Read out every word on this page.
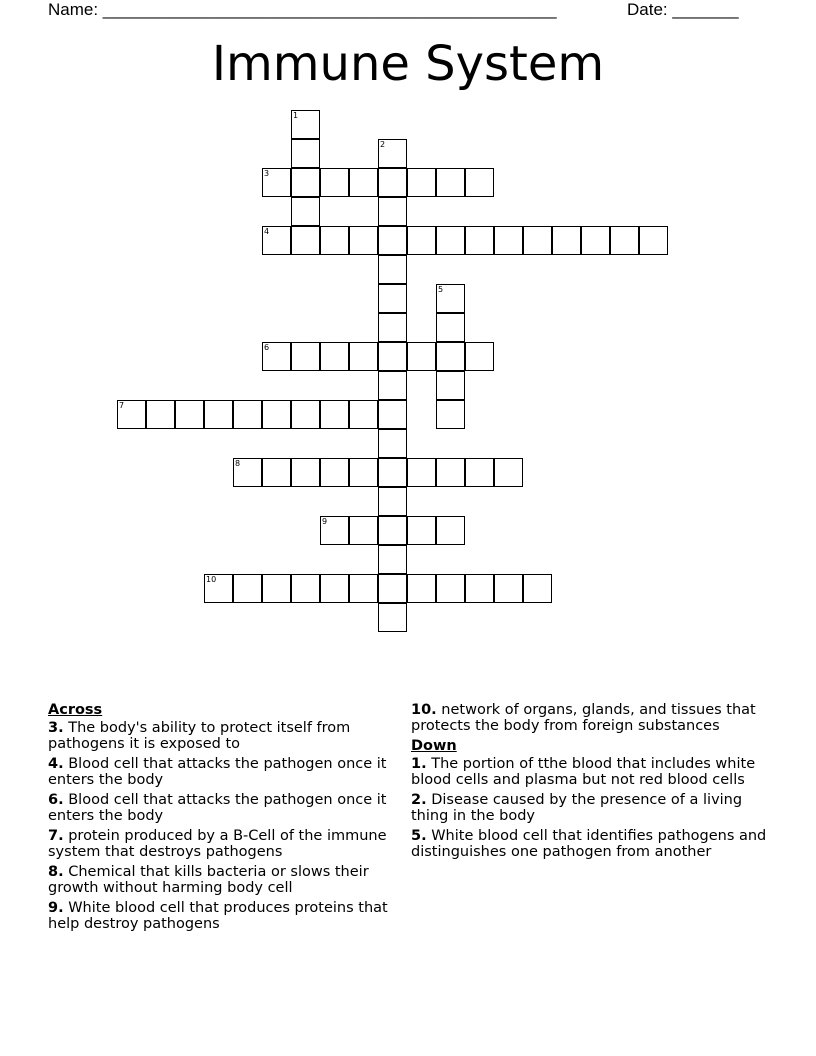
Name: ________________________________________________	Date: _______
Immune System
1
2
3
4
5
6
7
8
9
10
Across
3. The body's ability to protect itself from pathogens it is exposed to
4. Blood cell that attacks the pathogen once it enters the body
6. Blood cell that attacks the pathogen once it enters the body
7. protein produced by a B-Cell of the immune system that destroys pathogens
8. Chemical that kills bacteria or slows their growth without harming body cell
9. White blood cell that produces proteins that help destroy pathogens
10. network of organs, glands, and tissues that protects the body from foreign substances
Down
1. The portion of tthe blood that includes white blood cells and plasma but not red blood cells
2. Disease caused by the presence of a living thing in the body
5. White blood cell that identifies pathogens and distinguishes one pathogen from another
